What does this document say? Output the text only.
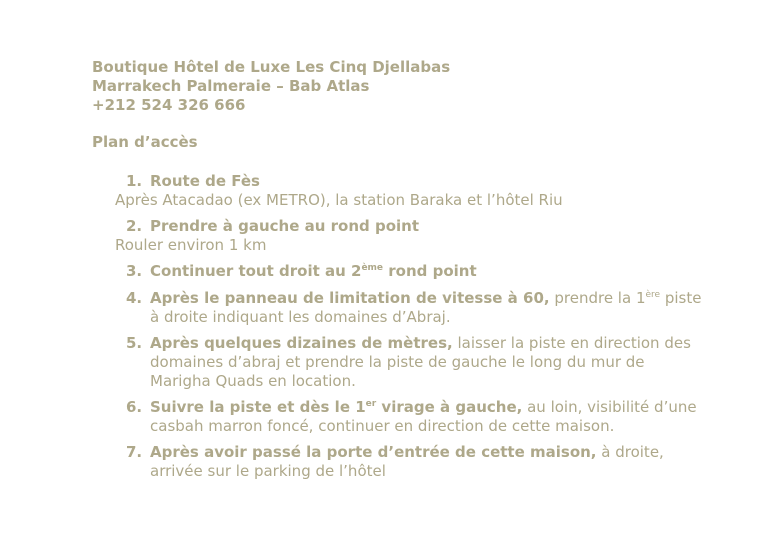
Boutique Hôtel de Luxe Les Cinq Djellabas
Marrakech Palmeraie – Bab Atlas
+212 524 326 666
Plan d’accès
1. Route de Fès
Après Atacadao (ex METRO), la station Baraka et l’hôtel Riu
2. Prendre à gauche au rond point
Rouler environ 1 km
3. Continuer tout droit au 2ème rond point
4. Après le panneau de limitation de vitesse à 60, prendre la 1ère piste
à droite indiquant les domaines d’Abraj.
5. Après quelques dizaines de mètres, laisser la piste en direction des
domaines d’abraj et prendre la piste de gauche le long du mur de
Marigha Quads en location.
6. Suivre la piste et dès le 1er virage à gauche, au loin, visibilité d’une
casbah marron foncé, continuer en direction de cette maison.
7. Après avoir passé la porte d’entrée de cette maison, à droite,
arrivée sur le parking de l’hôtel
